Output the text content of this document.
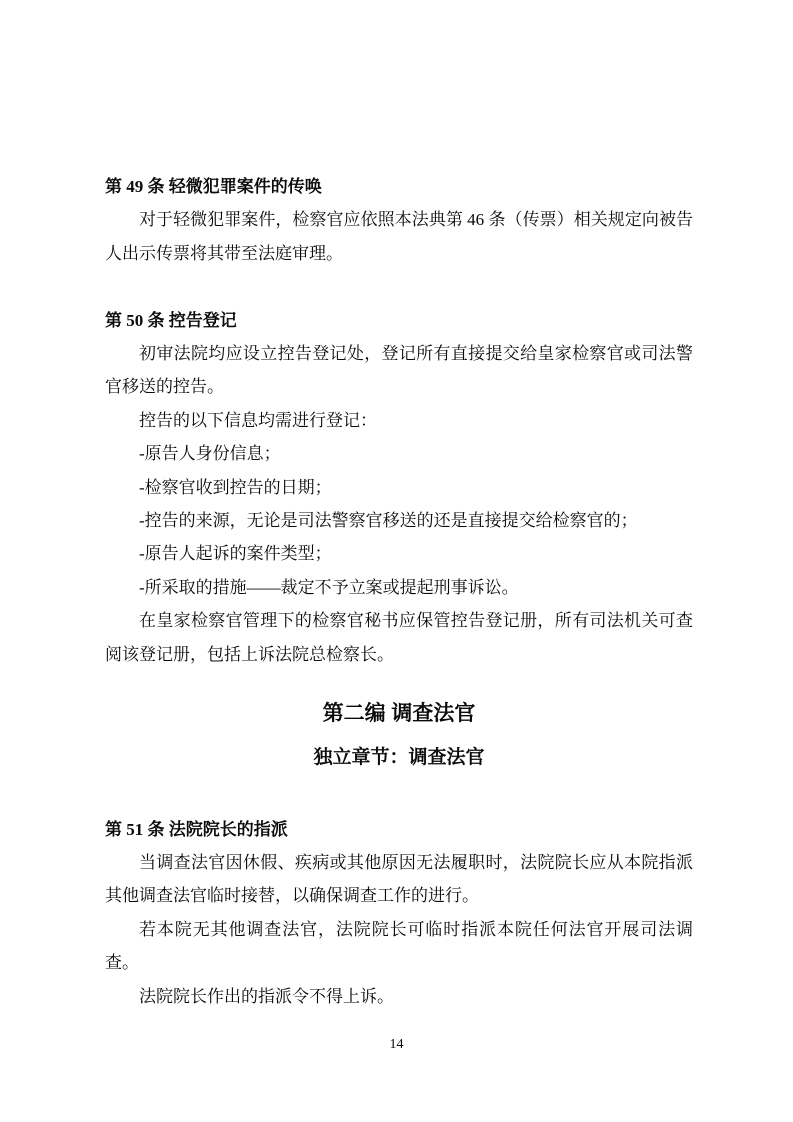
第 49 条 轻微犯罪案件的传唤

对于轻微犯罪案件，检察官应依照本法典第 46 条（传票）相关规定向被告人出示传票将其带至法庭审理。

第 50 条 控告登记

初审法院均应设立控告登记处，登记所有直接提交给皇家检察官或司法警官移送的控告。

控告的以下信息均需进行登记：

-原告人身份信息；

-检察官收到控告的日期；

-控告的来源，无论是司法警察官移送的还是直接提交给检察官的；

-原告人起诉的案件类型；

-所采取的措施——裁定不予立案或提起刑事诉讼。

在皇家检察官管理下的检察官秘书应保管控告登记册，所有司法机关可查阅该登记册，包括上诉法院总检察长。

第二编 调查法官
独立章节：调查法官
第 51 条 法院院长的指派

当调查法官因休假、疾病或其他原因无法履职时，法院院长应从本院指派其他调查法官临时接替，以确保调查工作的进行。

若本院无其他调查法官，法院院长可临时指派本院任何法官开展司法调查。

法院院长作出的指派令不得上诉。

14
